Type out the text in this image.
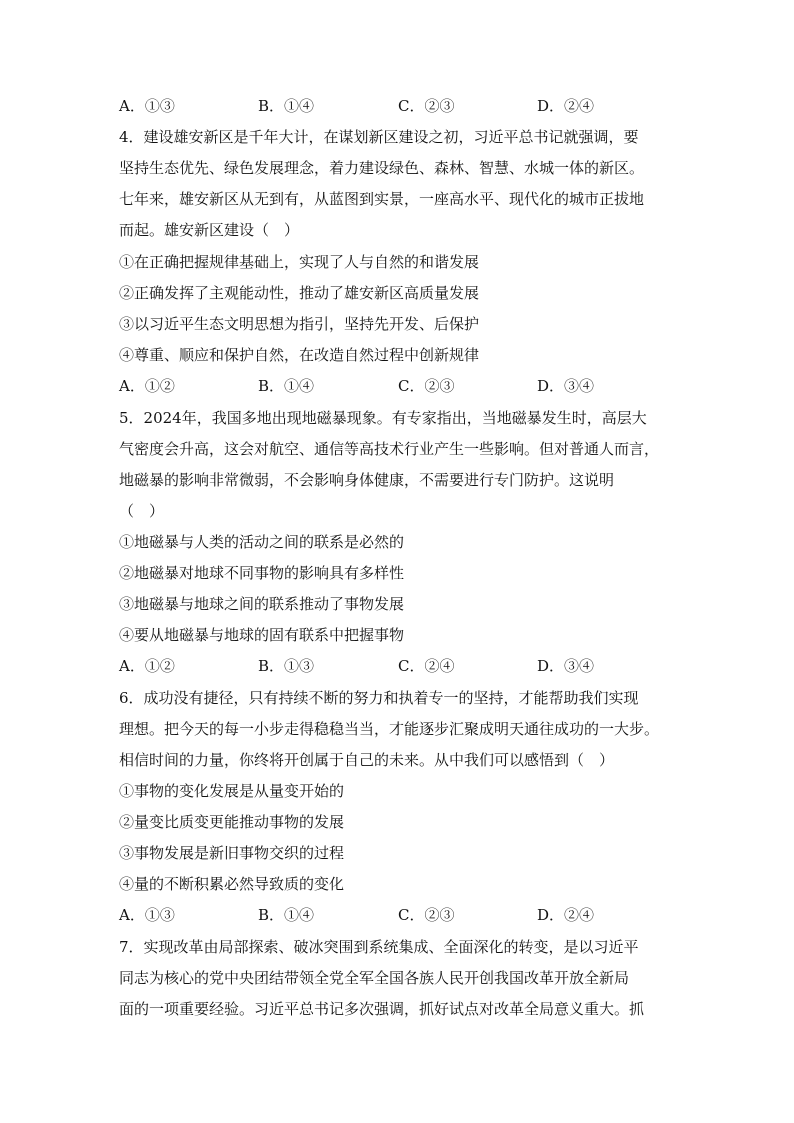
A．①③	B．①④	C．②③	D．②④
4．建设雄安新区是千年大计，在谋划新区建设之初，习近平总书记就强调，要
坚持生态优先、绿色发展理念，着力建设绿色、森林、智慧、水城一体的新区。
七年来，雄安新区从无到有，从蓝图到实景，一座高水平、现代化的城市正拔地
而起。雄安新区建设（　）
①在正确把握规律基础上，实现了人与自然的和谐发展
②正确发挥了主观能动性，推动了雄安新区高质量发展
③以习近平生态文明思想为指引，坚持先开发、后保护
④尊重、顺应和保护自然，在改造自然过程中创新规律
A．①②	B．①④	C．②③	D．③④
5．2024年，我国多地出现地磁暴现象。有专家指出，当地磁暴发生时，高层大
气密度会升高，这会对航空、通信等高技术行业产生一些影响。但对普通人而言，
地磁暴的影响非常微弱，不会影响身体健康，不需要进行专门防护。这说明
（　）
①地磁暴与人类的活动之间的联系是必然的
②地磁暴对地球不同事物的影响具有多样性
③地磁暴与地球之间的联系推动了事物发展
④要从地磁暴与地球的固有联系中把握事物
A．①②	B．①③	C．②④	D．③④
6．成功没有捷径，只有持续不断的努力和执着专一的坚持，才能帮助我们实现
理想。把今天的每一小步走得稳稳当当，才能逐步汇聚成明天通往成功的一大步。
相信时间的力量，你终将开创属于自己的未来。从中我们可以感悟到（　）
①事物的变化发展是从量变开始的
②量变比质变更能推动事物的发展
③事物发展是新旧事物交织的过程
④量的不断积累必然导致质的变化
A．①③	B．①④	C．②③	D．②④
7．实现改革由局部探索、破冰突围到系统集成、全面深化的转变，是以习近平
同志为核心的党中央团结带领全党全军全国各族人民开创我国改革开放全新局
面的一项重要经验。习近平总书记多次强调，抓好试点对改革全局意义重大。抓
